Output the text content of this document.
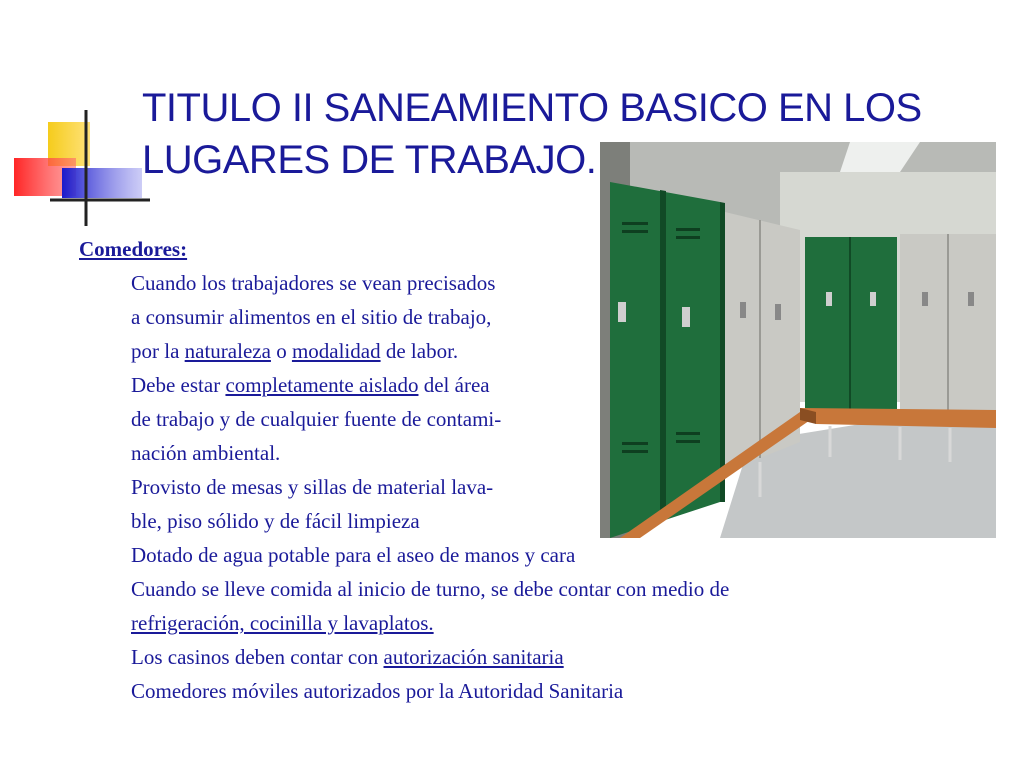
TITULO II SANEAMIENTO BASICO EN LOS
LUGARES DE TRABAJO.
Comedores:
Cuando los trabajadores se vean precisados
a consumir alimentos en el sitio de trabajo,
por la naturaleza o modalidad de labor.
Debe estar completamente aislado del área
de trabajo y de cualquier fuente de contami-
nación ambiental.
Provisto de mesas y sillas de material lava-
ble, piso sólido y de fácil limpieza
Dotado de agua potable para el aseo de manos y cara
Cuando se lleve comida al inicio de turno, se debe contar con medio de
refrigeración, cocinilla y lavaplatos.
Los casinos deben contar con autorización sanitaria
Comedores móviles autorizados por la Autoridad Sanitaria
